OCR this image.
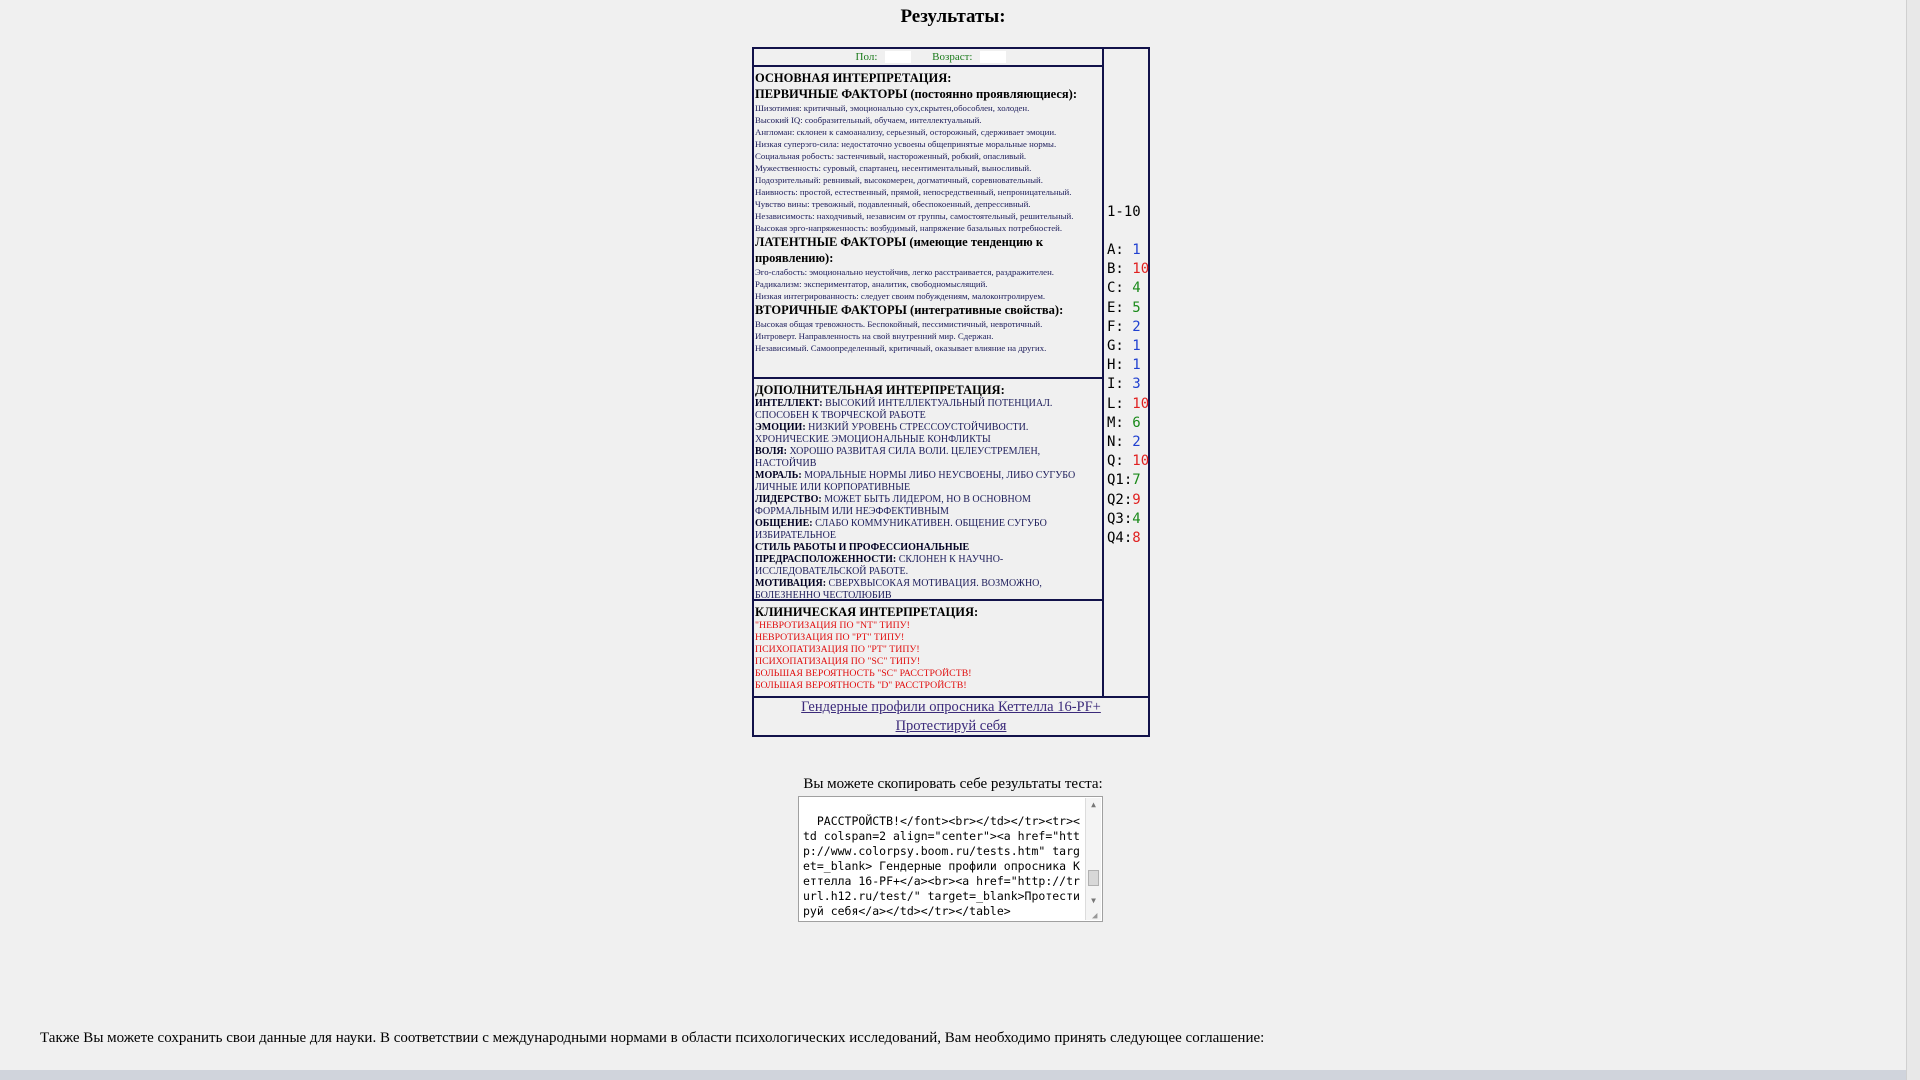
Результаты:
Пол:	Возраст:
ОСНОВНАЯ ИНТЕРПРЕТАЦИЯ:
ПЕРВИЧНЫЕ ФАКТОРЫ (постоянно проявляющиеся):
Шизотимия: критичный, эмоционально сух,скрытен,обособлен, холоден.
Высокий IQ: сообразительный, обучаем, интеллектуальный.
Англоман: склонен к самоанализу, серьезный, осторожный, сдерживает эмоции.
Низкая суперэго-сила: недостаточно усвоены общепринятые моральные нормы.
Социальная робость: застенчивый, настороженный, робкий, опасливый.
Мужественность: суровый, спартанец, несентиментальный, выносливый.
Подозрительный: ревнивый, высокомерен, догматичный, соревновательный.
Наивность: простой, естественный, прямой, непосредственный, непроницательный.
Чувство вины: тревожный, подавленный, обеспокоенный, депрессивный.
Независимость: находчивый, независим от группы, самостоятельный, решительный.
Высокая эрго-напряженность: возбудимый, напряжение базальных потребностей.
ЛАТЕНТНЫЕ ФАКТОРЫ (имеющие тенденцию к проявлению):
Эго-слабость: эмоционально неустойчив, легко расстраивается, раздражителен.
Радикализм: экспериментатор, аналитик, свободномыслящий.
Низкая интегрированность: следует своим побуждениям, малоконтролируем.
ВТОРИЧНЫЕ ФАКТОРЫ (интегративные свойства):
Высокая общая тревожность. Беспокойный, пессимистичный, невротичный.
Интроверт. Направленность на свой внутренний мир. Сдержан.
Независимый. Самоопределенный, критичный, оказывает влияние на других.
ДОПОЛНИТЕЛЬНАЯ ИНТЕРПРЕТАЦИЯ:
ИНТЕЛЛЕКТ: ВЫСОКИЙ ИНТЕЛЛЕКТУАЛЬНЫЙ ПОТЕНЦИАЛ. СПОСОБЕН К ТВОРЧЕСКОЙ РАБОТЕ
ЭМОЦИИ: НИЗКИЙ УРОВЕНЬ СТРЕССОУСТОЙЧИВОСТИ. ХРОНИЧЕСКИЕ ЭМОЦИОНАЛЬНЫЕ КОНФЛИКТЫ
ВОЛЯ: ХОРОШО РАЗВИТАЯ СИЛА ВОЛИ. ЦЕЛЕУСТРЕМЛЕН, НАСТОЙЧИВ
МОРАЛЬ: МОРАЛЬНЫЕ НОРМЫ ЛИБО НЕУСВОЕНЫ, ЛИБО СУГУБО ЛИЧНЫЕ ИЛИ КОРПОРАТИВНЫЕ
ЛИДЕРСТВО: МОЖЕТ БЫТЬ ЛИДЕРОМ, НО В ОСНОВНОМ ФОРМАЛЬНЫМ ИЛИ НЕЭФФЕКТИВНЫМ
ОБЩЕНИЕ: СЛАБО КОММУНИКАТИВЕН. ОБЩЕНИЕ СУГУБО ИЗБИРАТЕЛЬНОЕ
СТИЛЬ РАБОТЫ И ПРОФЕССИОНАЛЬНЫЕ ПРЕДРАСПОЛОЖЕННОСТИ: СКЛОНЕН К НАУЧНО-ИССЛЕДОВАТЕЛЬСКОЙ РАБОТЕ.
МОТИВАЦИЯ: СВЕРХВЫСОКАЯ МОТИВАЦИЯ. ВОЗМОЖНО, БОЛЕЗНЕННО ЧЕСТОЛЮБИВ
КЛИНИЧЕСКАЯ ИНТЕРПРЕТАЦИЯ:
"НЕВРОТИЗАЦИЯ ПО "NT" ТИПУ!
НЕВРОТИЗАЦИЯ ПО "PT" ТИПУ!
ПСИХОПАТИЗАЦИЯ ПО "PT" ТИПУ!
ПСИХОПАТИЗАЦИЯ ПО "SC" ТИПУ!
БОЛЬШАЯ ВЕРОЯТНОСТЬ "SC" РАССТРОЙСТВ!
БОЛЬШАЯ ВЕРОЯТНОСТЬ "D" РАССТРОЙСТВ!
1-10
A: 1
B: 10
C: 4
E: 5
F: 2
G: 1
H: 1
I: 3
L: 10
M: 6
N: 2
Q: 10
Q1:7
Q2:9
Q3:4
Q4:8
Гендерные профили опросника Кеттелла 16-PF+
Протестируй себя
Вы можете скопировать себе результаты теста:

РАССТРОЙСТВ!</font><br></td></tr><tr><td colspan=2 align="center"><a href="http://www.colorpsy.boom.ru/tests.htm" target=_blank> Гендерные профили опросника Кеттелла 16-PF+</a><br><a href="http://trurl.h12.ru/test/" target=_blank>Протестируй себя</a></td></tr></table>

▲

▼

◢

Также Вы можете сохранить свои данные для науки. В соответствии с международными нормами в области психологических исследований, Вам необходимо принять следующее соглашение:
